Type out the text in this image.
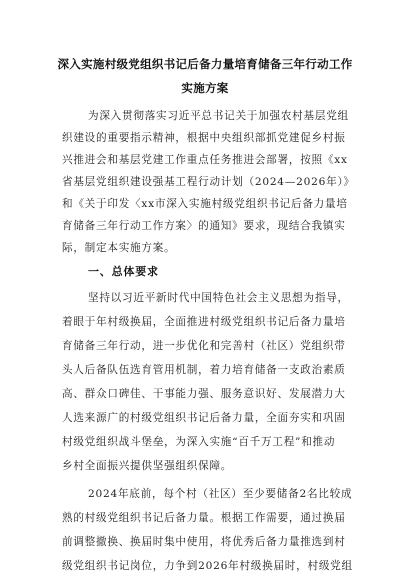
深入实施村级党组织书记后备力量培育储备三年行动工作
实施方案
为深入贯彻落实习近平总书记关于加强农村基层党组
织建设的重要指示精神，根据中央组织部抓党建促乡村振
兴推进会和基层党建工作重点任务推进会部署，按照《xx
省基层党组织建设强基工程行动计划（2024—2026年）》
和《关于印发〈xx市深入实施村级党组织书记后备力量培
育储备三年行动工作方案〉的通知》要求，现结合我镇实
际，制定本实施方案。
一、总体要求
坚持以习近平新时代中国特色社会主义思想为指导，
着眼于年村级换届，全面推进村级党组织书记后备力量培
育储备三年行动，进一步优化和完善村（社区）党组织带
头人后备队伍选育管用机制，着力培育储备一支政治素质
高、群众口碑佳、干事能力强、服务意识好、发展潜力大
人选来源广的村级党组织书记后备力量，全面夯实和巩固
村级党组织战斗堡垒，为深入实施“百千万工程”和推动
乡村全面振兴提供坚强组织保障。
2024年底前，每个村（社区）至少要储备2名比较成
熟的村级党组织书记后备力量。根据工作需要，通过换届
前调整撤换、换届时集中使用，将优秀后备力量推选到村
级党组织书记岗位，力争到2026年村级换届时，村级党组
